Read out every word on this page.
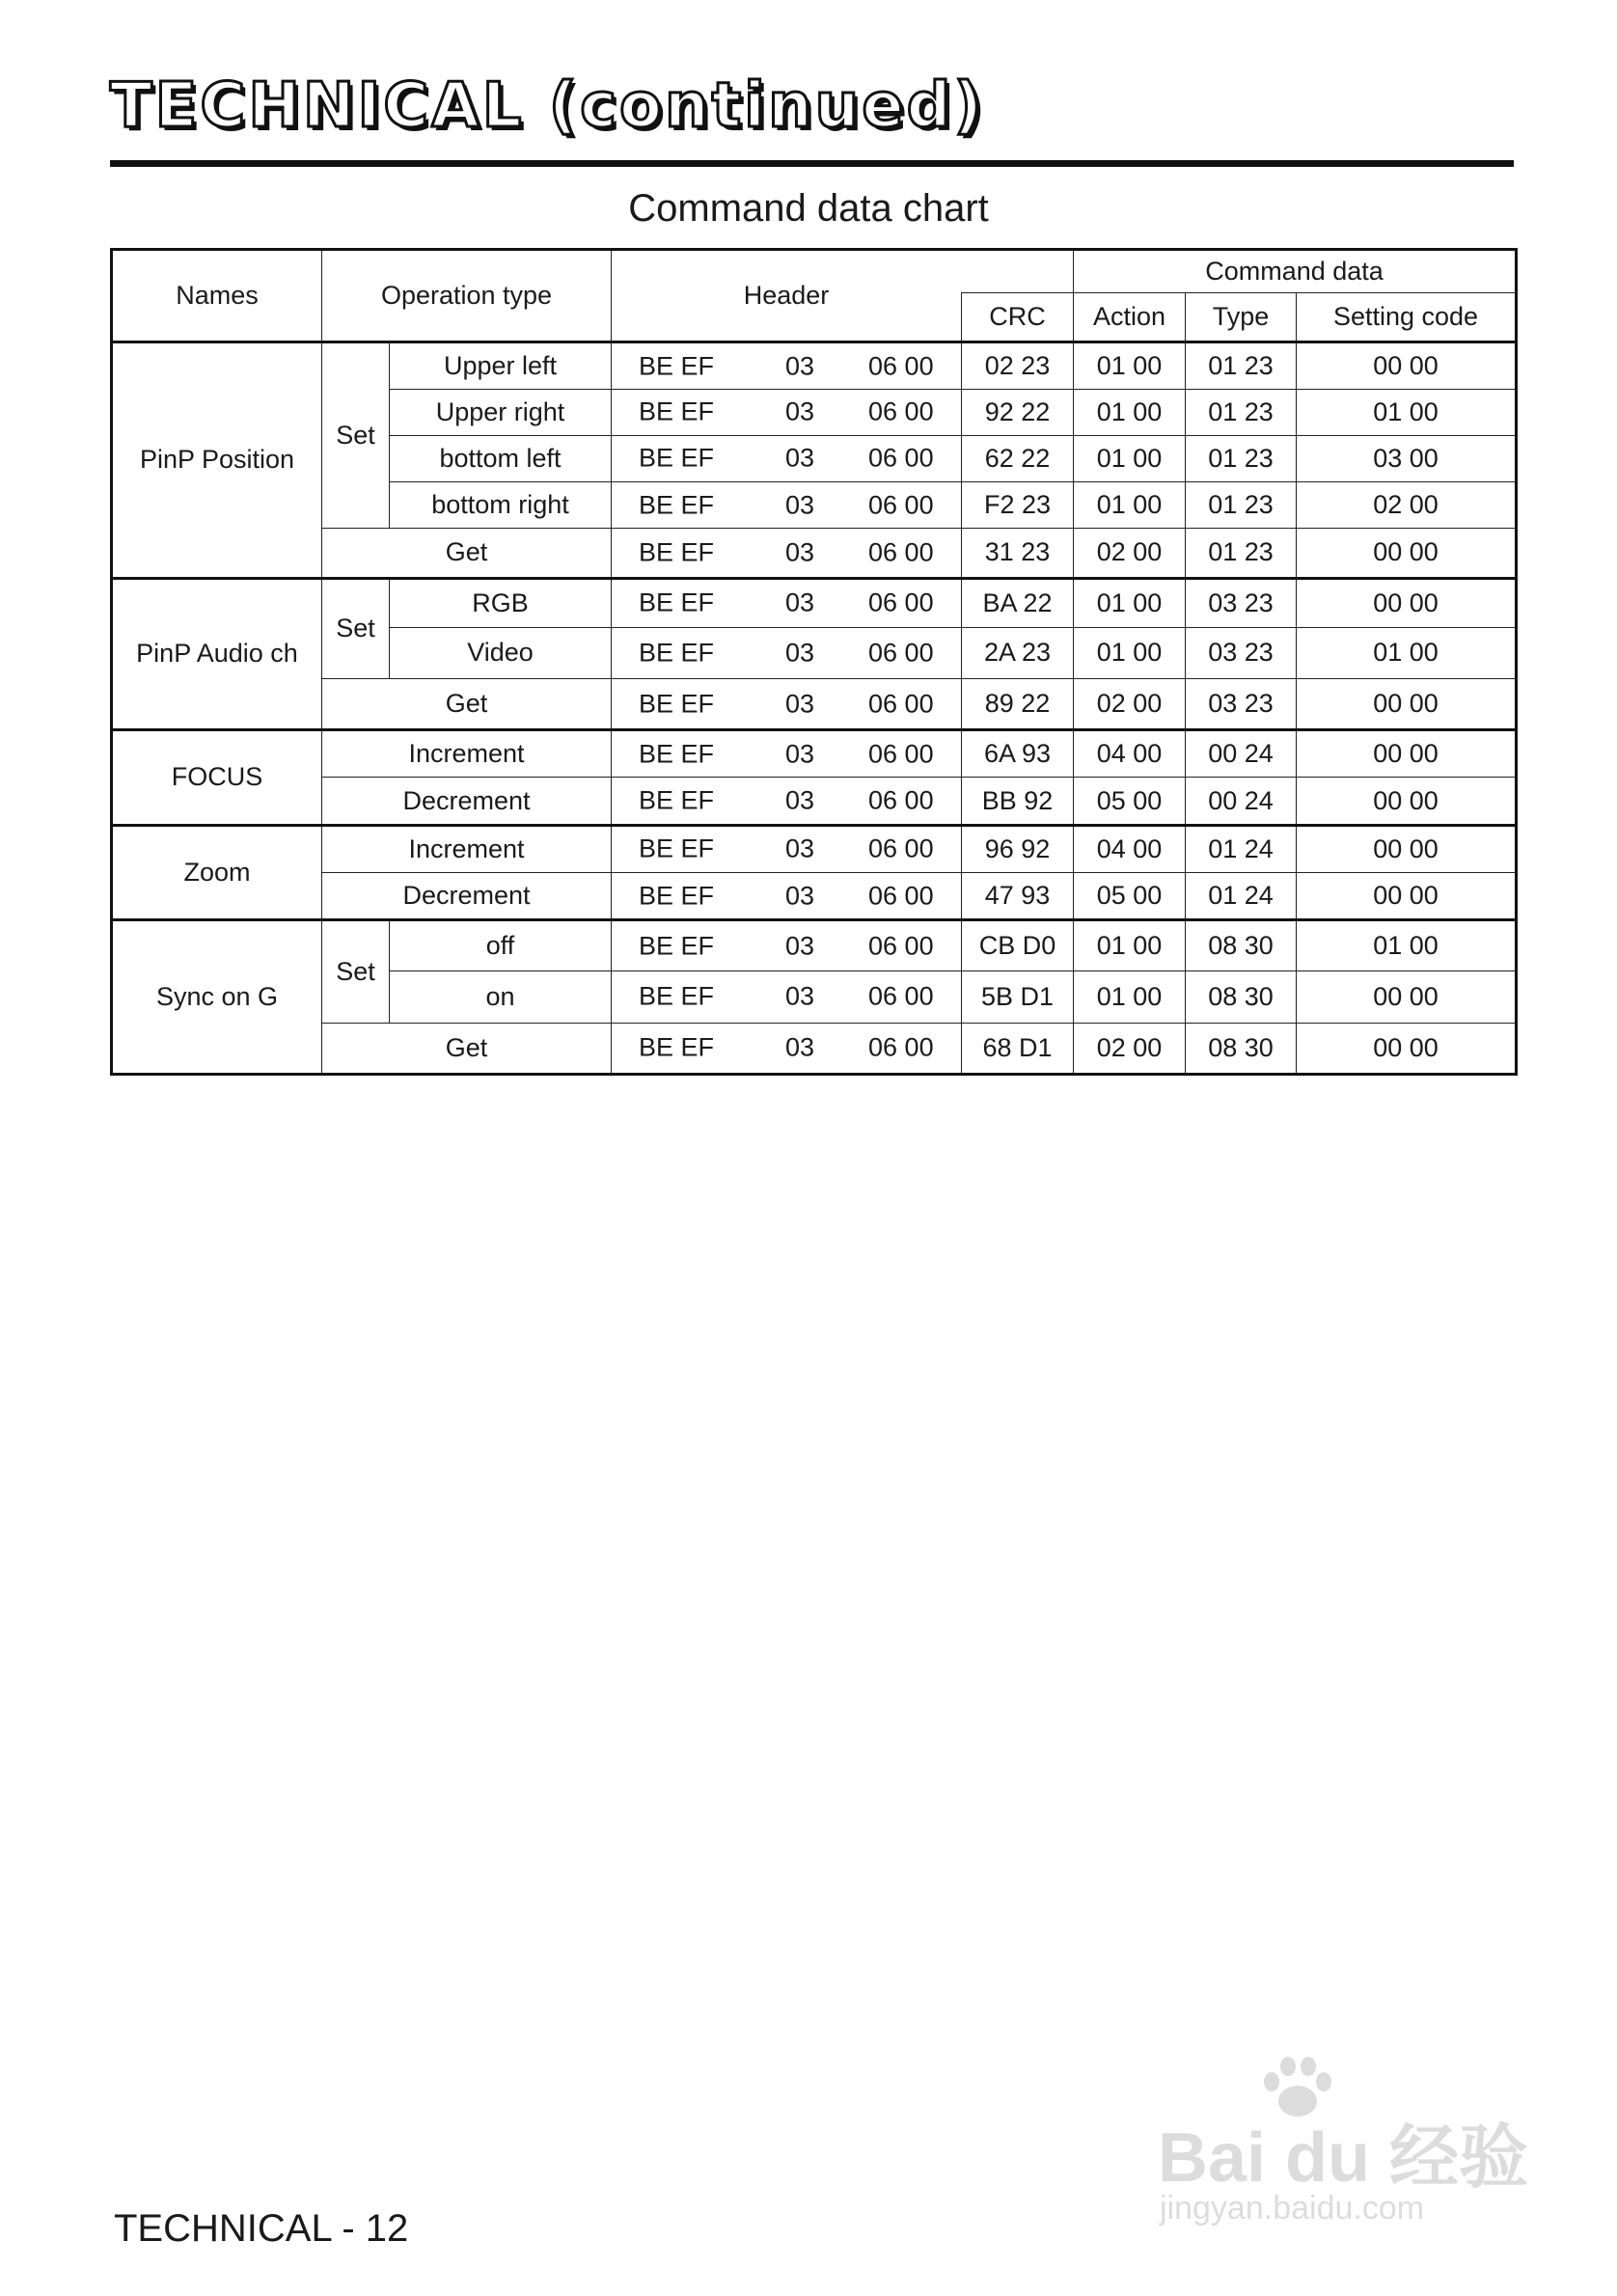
TECHNICAL (continued)
Command data chart
Names	Operation type		Header		Command data		
				CRC	Action	Type	Setting code
PinP Position	Set	Upper left	BE EF 03 06 00	02 23	01 00	01 23	00 00
		Upper right	BE EF 03 06 00	92 22	01 00	01 23	01 00
		bottom left	BE EF 03 06 00	62 22	01 00	01 23	03 00
		bottom right	BE EF 03 06 00	F2 23	01 00	01 23	02 00
	Get		BE EF 03 06 00	31 23	02 00	01 23	00 00
PinP Audio ch	Set	RGB	BE EF 03 06 00	BA 22	01 00	03 23	00 00
		Video	BE EF 03 06 00	2A 23	01 00	03 23	01 00
	Get		BE EF 03 06 00	89 22	02 00	03 23	00 00
FOCUS	Increment		BE EF 03 06 00	6A 93	04 00	00 24	00 00
	Decrement		BE EF 03 06 00	BB 92	05 00	00 24	00 00
Zoom	Increment		BE EF 03 06 00	96 92	04 00	01 24	00 00
	Decrement		BE EF 03 06 00	47 93	05 00	01 24	00 00
Sync on G	Set	off	BE EF 03 06 00	CB D0	01 00	08 30	01 00
		on	BE EF 03 06 00	5B D1	01 00	08 30	00 00
	Get		BE EF 03 06 00	68 D1	02 00	08 30	00 00
Bai du 经验
jingyan.baidu.com
TECHNICAL - 12
